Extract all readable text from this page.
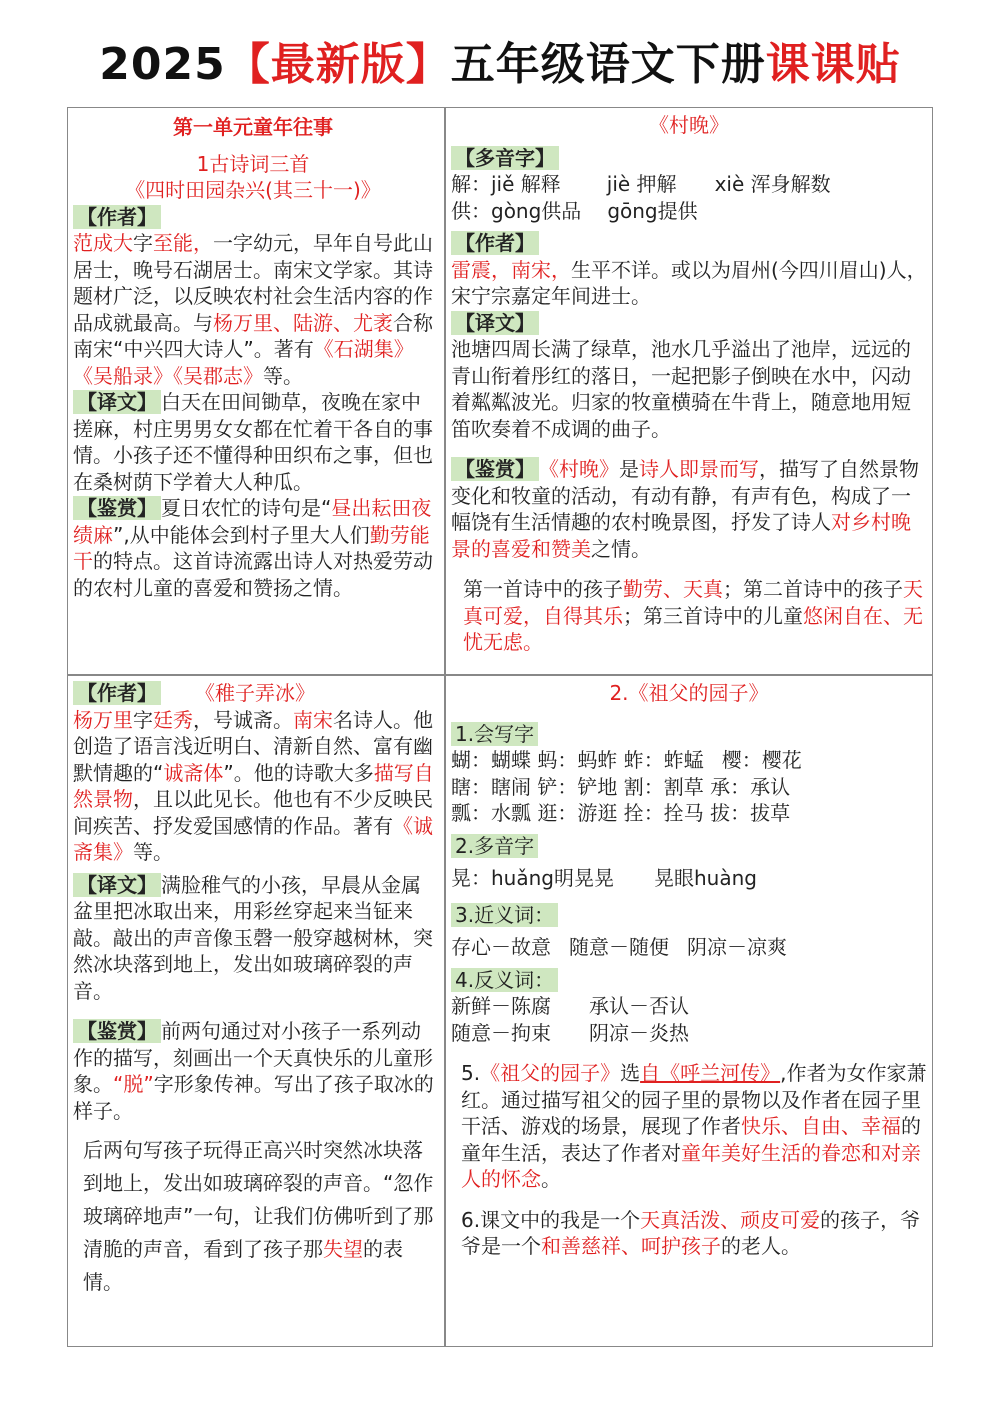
2025【最新版】五年级语文下册课课贴

第一单元童年往事

1古诗词三首

《四时田园杂兴(其三十一)》

【作者】

范成大字至能，一字幼元，早年自号此山居士，晚号石湖居士。南宋文学家。其诗题材广泛，以反映农村社会生活内容的作品成就最高。与杨万里、陆游、尤袤合称南宋“中兴四大诗人”。著有《石湖集》《吴船录》《吴郡志》等。

【译文】 白天在田间锄草，夜晚在家中搓麻，村庄男男女女都在忙着干各自的事情。小孩子还不懂得种田织布之事，但也在桑树荫下学着大人种瓜。

【鉴赏】 夏日农忙的诗句是“昼出耘田夜绩麻”,从中能体会到村子里大人们勤劳能干的特点。这首诗流露出诗人对热爱劳动的农村儿童的喜爱和赞扬之情。

《村晚》

【多音字】

解：jiě 解释 jiè 押解 xiè 浑身解数

供：gòng供品 gōng提供

【作者】

雷震，南宋，生平不详。或以为眉州(今四川眉山)人，宋宁宗嘉定年间进士。

【译文】

池塘四周长满了绿草，池水几乎溢出了池岸，远远的青山衔着彤红的落日，一起把影子倒映在水中，闪动着粼粼波光。归家的牧童横骑在牛背上，随意地用短笛吹奏着不成调的曲子。

【鉴赏】 《村晚》是诗人即景而写，描写了自然景物变化和牧童的活动，有动有静，有声有色，构成了一幅饶有生活情趣的农村晚景图，抒发了诗人对乡村晚景的喜爱和赞美之情。

第一首诗中的孩子勤劳、天真；第二首诗中的孩子天真可爱，自得其乐；第三首诗中的儿童悠闲自在、无忧无虑。

【作者】 《稚子弄冰》

杨万里字廷秀，号诚斋。南宋名诗人。他创造了语言浅近明白、清新自然、富有幽默情趣的“诚斋体”。他的诗歌大多描写自然景物，且以此见长。他也有不少反映民间疾苦、抒发爱国感情的作品。著有《诚斋集》等。

【译文】 满脸稚气的小孩，早晨从金属盆里把冰取出来，用彩丝穿起来当钲来敲。敲出的声音像玉磬一般穿越树林，突然冰块落到地上，发出如玻璃碎裂的声音。

【鉴赏】 前两句通过对小孩子一系列动作的描写，刻画出一个天真快乐的儿童形象。“脱”字形象传神。写出了孩子取冰的样子。

后两句写孩子玩得正高兴时突然冰块落到地上，发出如玻璃碎裂的声音。“忽作玻璃碎地声”一句，让我们仿佛听到了那清脆的声音，看到了孩子那失望的表情。

2.《祖父的园子》

1.会写字

蝴：蝴蝶 蚂：蚂蚱 蚱：蚱蜢 樱：樱花

瞎：瞎闹 铲：铲地 割：割草 承：承认

瓢：水瓢 逛：游逛 拴：拴马 拔：拔草

2.多音字

晃：huǎng明晃晃 晃眼huàng

3.近义词：

存心－故意 随意－随便 阴凉－凉爽

4.反义词：

新鲜－陈腐 承认－否认

随意－拘束 阴凉－炎热

5.《祖父的园子》选自《呼兰河传》,作者为女作家萧红。通过描写祖父的园子里的景物以及作者在园子里干活、游戏的场景，展现了作者快乐、自由、幸福的童年生活，表达了作者对童年美好生活的眷恋和对亲人的怀念。

6.课文中的我是一个天真活泼、顽皮可爱的孩子，爷爷是一个和善慈祥、呵护孩子的老人。
